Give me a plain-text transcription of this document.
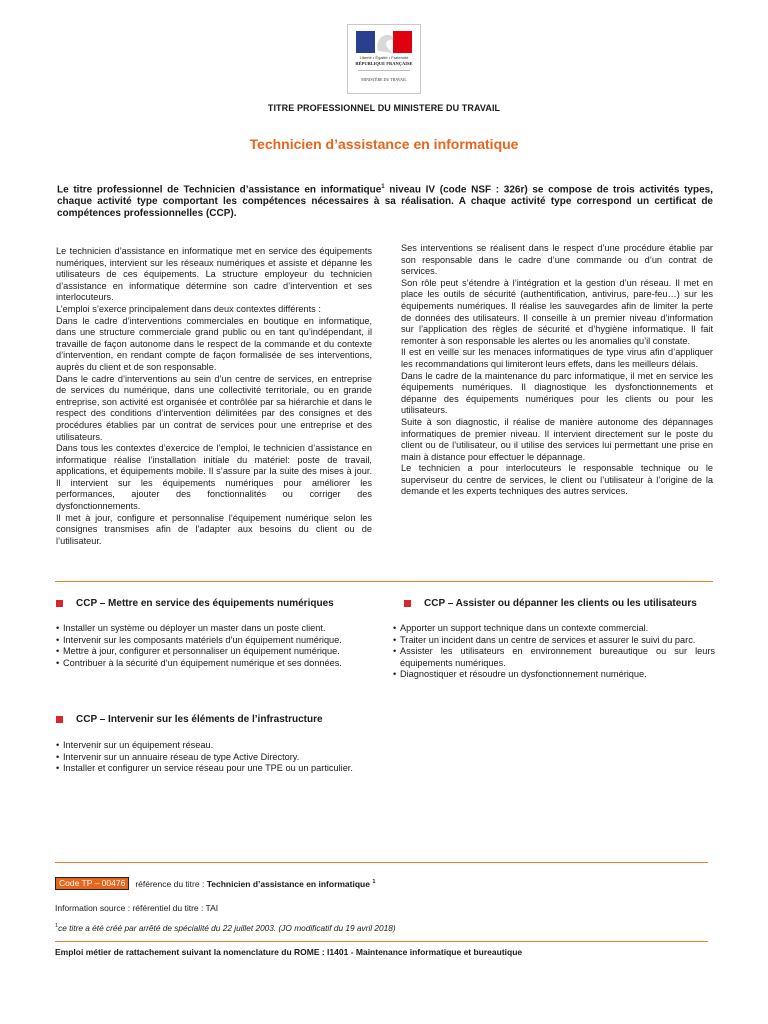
Liberté • Égalité • Fraternité
RÉPUBLIQUE FRANÇAISE
MINISTÈRE DU TRAVAIL
TITRE PROFESSIONNEL DU MINISTERE DU TRAVAIL
Technicien d’assistance en informatique
Le titre professionnel de Technicien d’assistance en informatique$^1$ niveau IV (code NSF : 326r) se compose de trois activités types, chaque activité type comportant les compétences nécessaires à sa réalisation. A chaque activité type correspond un certificat de compétences professionnelles (CCP).

Le technicien d’assistance en informatique met en service des équipements numériques, intervient sur les réseaux numériques et assiste et dépanne les utilisateurs de ces équipements. La structure employeur du technicien d’assistance en informatique détermine son cadre d’intervention et ses interlocuteurs.

L’emploi s’exerce principalement dans deux contextes différents :

Dans le cadre d’interventions commerciales en boutique en informatique, dans une structure commerciale grand public ou en tant qu’indépendant, il travaille de façon autonome dans le respect de la commande et du contexte d’intervention, en rendant compte de façon formalisée de ses interventions, auprès du client et de son responsable.

Dans le cadre d’interventions au sein d’un centre de services, en entreprise de services du numérique, dans une collectivité territoriale, ou en grande entreprise, son activité est organisée et contrôlée par sa hiérarchie et dans le respect des conditions d’intervention délimitées par des consignes et des procédures établies par un contrat de services pour une entreprise et des utilisateurs.

Dans tous les contextes d’exercice de l’emploi, le technicien d’assistance en informatique réalise l’installation initiale du matériel: poste de travail, applications, et équipements mobile. Il s’assure par la suite des mises à jour. Il intervient sur les équipements numériques pour améliorer les performances, ajouter des fonctionnalités ou corriger des dysfonctionnements.

Il met à jour, configure et personnalise l’équipement numérique selon les consignes transmises afin de l’adapter aux besoins du client ou de l’utilisateur.

Ses interventions se réalisent dans le respect d’une procédure établie par son responsable dans le cadre d’une commande ou d’un contrat de services.

Son rôle peut s’étendre à l’intégration et la gestion d’un réseau. Il met en place les outils de sécurité (authentification, antivirus, pare-feu…) sur les équipements numériques. Il réalise les sauvegardes afin de limiter la perte de données des utilisateurs. Il conseille à un premier niveau d’information sur l’application des règles de sécurité et d’hygiène informatique. Il fait remonter à son responsable les alertes ou les anomalies qu’il constate.

Il est en veille sur les menaces informatiques de type virus afin d’appliquer les recommandations qui limiteront leurs effets, dans les meilleurs délais.

Dans le cadre de la maintenance du parc informatique, il met en service les équipements numériques. Il diagnostique les dysfonctionnements et dépanne des équipements numériques pour les clients ou pour les utilisateurs.

Suite à son diagnostic, il réalise de manière autonome des dépannages informatiques de premier niveau. Il intervient directement sur le poste du client ou de l’utilisateur, ou il utilise des services lui permettant une prise en main à distance pour effectuer le dépannage.

Le technicien a pour interlocuteurs le responsable technique ou le superviseur du centre de services, le client ou l’utilisateur à l’origine de la demande et les experts techniques des autres services.

CCP – Mettre en service des équipements numériques
• Installer un système ou déployer un master dans un poste client.
• Intervenir sur les composants matériels d’un équipement numérique.
• Mettre à jour, configurer et personnaliser un équipement numérique.
• Contribuer à la sécurité d’un équipement numérique et ses données.
CCP – Assister ou dépanner les clients ou les utilisateurs
• Apporter un support technique dans un contexte commercial.
• Traiter un incident dans un centre de services et assurer le suivi du parc.
• Assister les utilisateurs en environnement bureautique ou sur leurs équipements numériques.
• Diagnostiquer et résoudre un dysfonctionnement numérique.
CCP – Intervenir sur les éléments de l’infrastructure
• Intervenir sur un équipement réseau.
• Intervenir sur un annuaire réseau de type Active Directory.
• Installer et configurer un service réseau pour une TPE ou un particulier.
Code TP – 00476	référence du titre :
Technicien d’assistance en informatique $^1$
Information source : référentiel du titre : TAI
$^1$ce titre a été créé par arrêté de spécialité du 22 juillet 2003. (JO modificatif du 19 avril 2018)
Emploi métier de rattachement suivant la nomenclature du ROME : I1401 - Maintenance informatique et bureautique
